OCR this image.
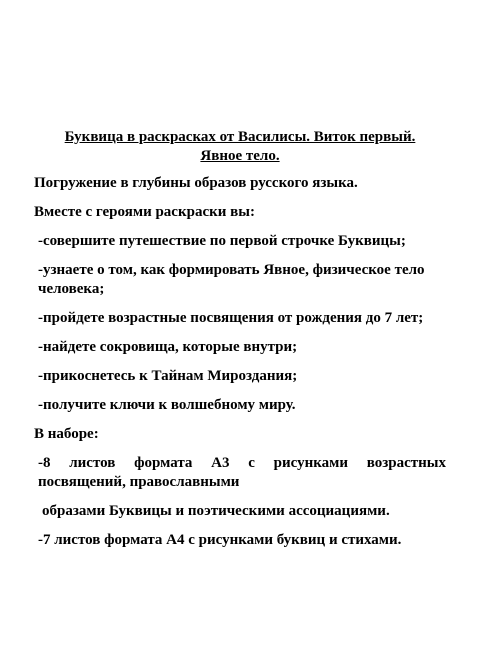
Буквица в раскрасках от Василисы. Виток первый.
Явное тело.

Погружение в глубины образов русского языка.

Вместе с героями раскраски вы:

-совершите путешествие по первой строчке Буквицы;

-узнаете о том, как формировать Явное, физическое тело человека;

-пройдете возрастные посвящения от рождения до 7 лет;

-найдете сокровища, которые внутри;

-прикоснетесь к Тайнам Мироздания;

-получите ключи к волшебному миру.

В наборе:

-8 листов формата А3 с рисунками возрастных посвящений, православными

образами Буквицы и поэтическими ассоциациями.

-7 листов формата А4 с рисунками буквиц и стихами.
